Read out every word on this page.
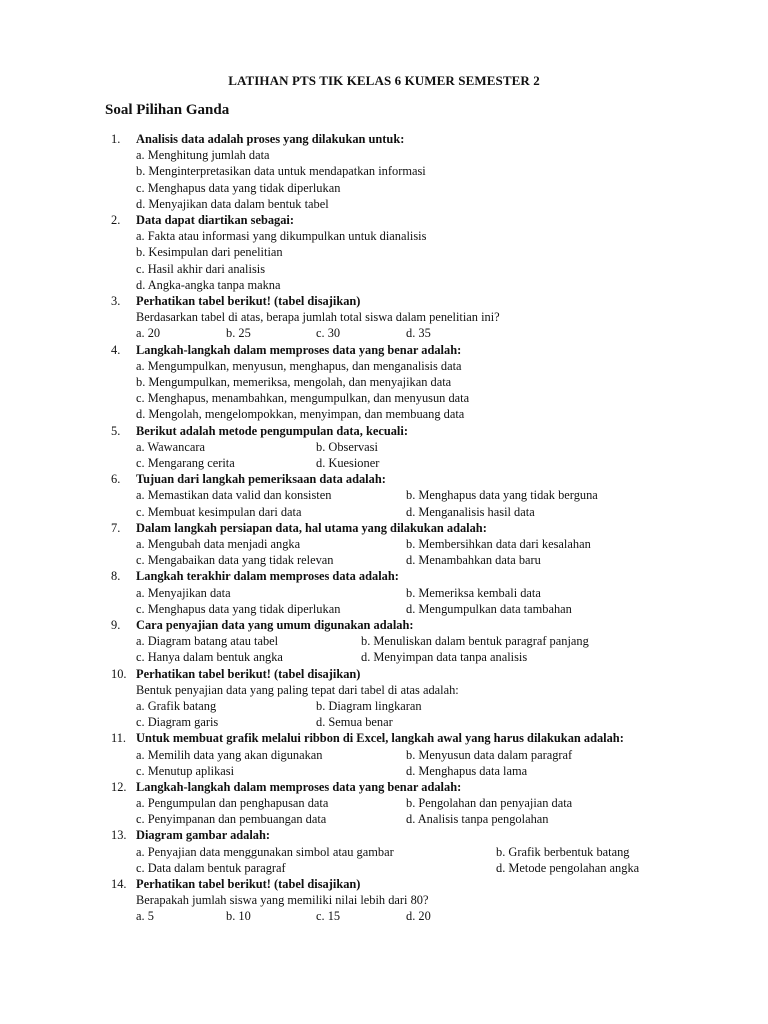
LATIHAN PTS TIK KELAS 6 KUMER SEMESTER 2
Soal Pilihan Ganda
1.	Analisis data adalah proses yang dilakukan untuk:
a. Menghitung jumlah data
b. Menginterpretasikan data untuk mendapatkan informasi
c. Menghapus data yang tidak diperlukan
d. Menyajikan data dalam bentuk tabel
2.	Data dapat diartikan sebagai:
a. Fakta atau informasi yang dikumpulkan untuk dianalisis
b. Kesimpulan dari penelitian
c. Hasil akhir dari analisis
d. Angka-angka tanpa makna
3.	Perhatikan tabel berikut! (tabel disajikan)
Berdasarkan tabel di atas, berapa jumlah total siswa dalam penelitian ini?
a. 20	b. 25	c. 30	d. 35
4.	Langkah-langkah dalam memproses data yang benar adalah:
a. Mengumpulkan, menyusun, menghapus, dan menganalisis data
b. Mengumpulkan, memeriksa, mengolah, dan menyajikan data
c. Menghapus, menambahkan, mengumpulkan, dan menyusun data
d. Mengolah, mengelompokkan, menyimpan, dan membuang data
5.	Berikut adalah metode pengumpulan data, kecuali:
a. Wawancara	b. Observasi
c. Mengarang cerita	d. Kuesioner
6.	Tujuan dari langkah pemeriksaan data adalah:
a. Memastikan data valid dan konsisten	b. Menghapus data yang tidak berguna
c. Membuat kesimpulan dari data	d. Menganalisis hasil data
7.	Dalam langkah persiapan data, hal utama yang dilakukan adalah:
a. Mengubah data menjadi angka	b. Membersihkan data dari kesalahan
c. Mengabaikan data yang tidak relevan	d. Menambahkan data baru
8.	Langkah terakhir dalam memproses data adalah:
a. Menyajikan data	b. Memeriksa kembali data
c. Menghapus data yang tidak diperlukan	d. Mengumpulkan data tambahan
9.	Cara penyajian data yang umum digunakan adalah:
a. Diagram batang atau tabel	b. Menuliskan dalam bentuk paragraf panjang
c. Hanya dalam bentuk angka	d. Menyimpan data tanpa analisis
10. Perhatikan tabel berikut! (tabel disajikan)
Bentuk penyajian data yang paling tepat dari tabel di atas adalah:
a. Grafik batang	b. Diagram lingkaran
c. Diagram garis	d. Semua benar
11. Untuk membuat grafik melalui ribbon di Excel, langkah awal yang harus dilakukan adalah:
a. Memilih data yang akan digunakan	b. Menyusun data dalam paragraf
c. Menutup aplikasi	d. Menghapus data lama
12. Langkah-langkah dalam memproses data yang benar adalah:
a. Pengumpulan dan penghapusan data	b. Pengolahan dan penyajian data
c. Penyimpanan dan pembuangan data	d. Analisis tanpa pengolahan
13. Diagram gambar adalah:
a. Penyajian data menggunakan simbol atau gambar	b. Grafik berbentuk batang
c. Data dalam bentuk paragraf	d. Metode pengolahan angka
14. Perhatikan tabel berikut! (tabel disajikan)
Berapakah jumlah siswa yang memiliki nilai lebih dari 80?
a. 5	b. 10	c. 15	d. 20
